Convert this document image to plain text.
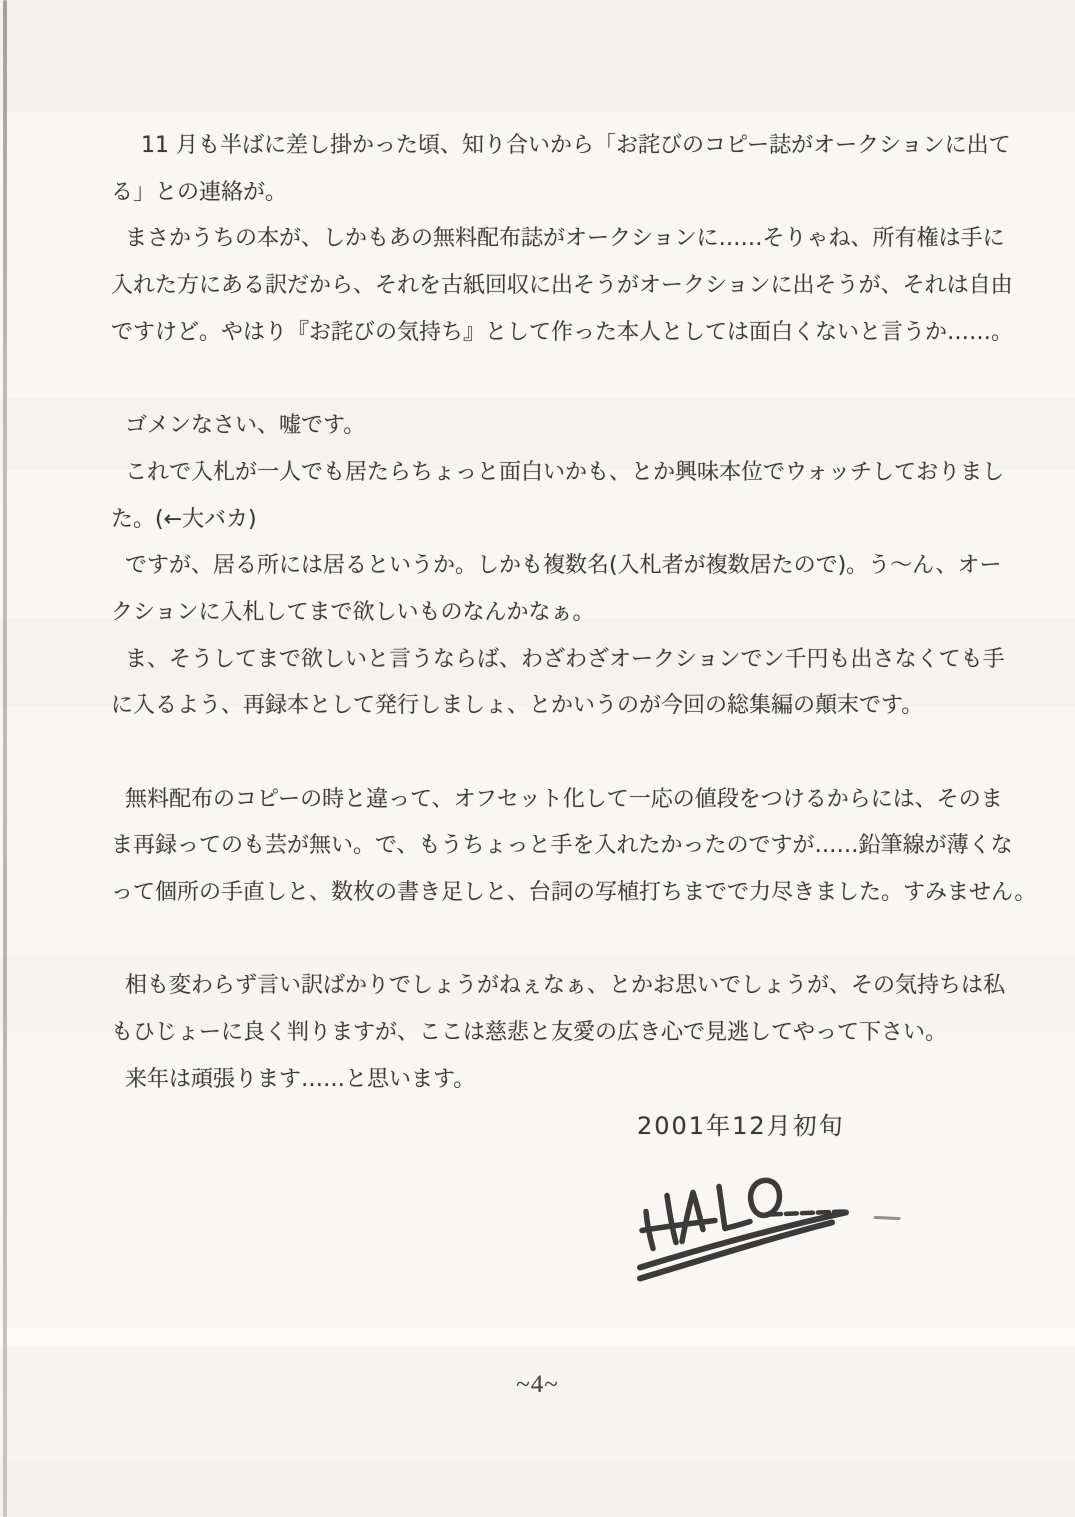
11 月も半ばに差し掛かった頃、知り合いから「お詫びのコピー誌がオークションに出て
る」との連絡が。
まさかうちの本が、しかもあの無料配布誌がオークションに……そりゃね、所有権は手に
入れた方にある訳だから、それを古紙回収に出そうがオークションに出そうが、それは自由
ですけど。やはり『お詫びの気持ち』として作った本人としては面白くないと言うか……。
ゴメンなさい、嘘です。
これで入札が一人でも居たらちょっと面白いかも、とか興味本位でウォッチしておりまし
た。(←大バカ)
ですが、居る所には居るというか。しかも複数名(入札者が複数居たので)。う～ん、オー
クションに入札してまで欲しいものなんかなぁ。
ま、そうしてまで欲しいと言うならば、わざわざオークションでン千円も出さなくても手
に入るよう、再録本として発行しましょ、とかいうのが今回の総集編の顛末です。
無料配布のコピーの時と違って、オフセット化して一応の値段をつけるからには、そのま
ま再録ってのも芸が無い。で、もうちょっと手を入れたかったのですが……鉛筆線が薄くな
って個所の手直しと、数枚の書き足しと、台詞の写植打ちまでで力尽きました。すみません。
相も変わらず言い訳ばかりでしょうがねぇなぁ、とかお思いでしょうが、その気持ちは私
もひじょーに良く判りますが、ここは慈悲と友愛の広き心で見逃してやって下さい。
来年は頑張ります……と思います。
2001年12月初旬
~4~
